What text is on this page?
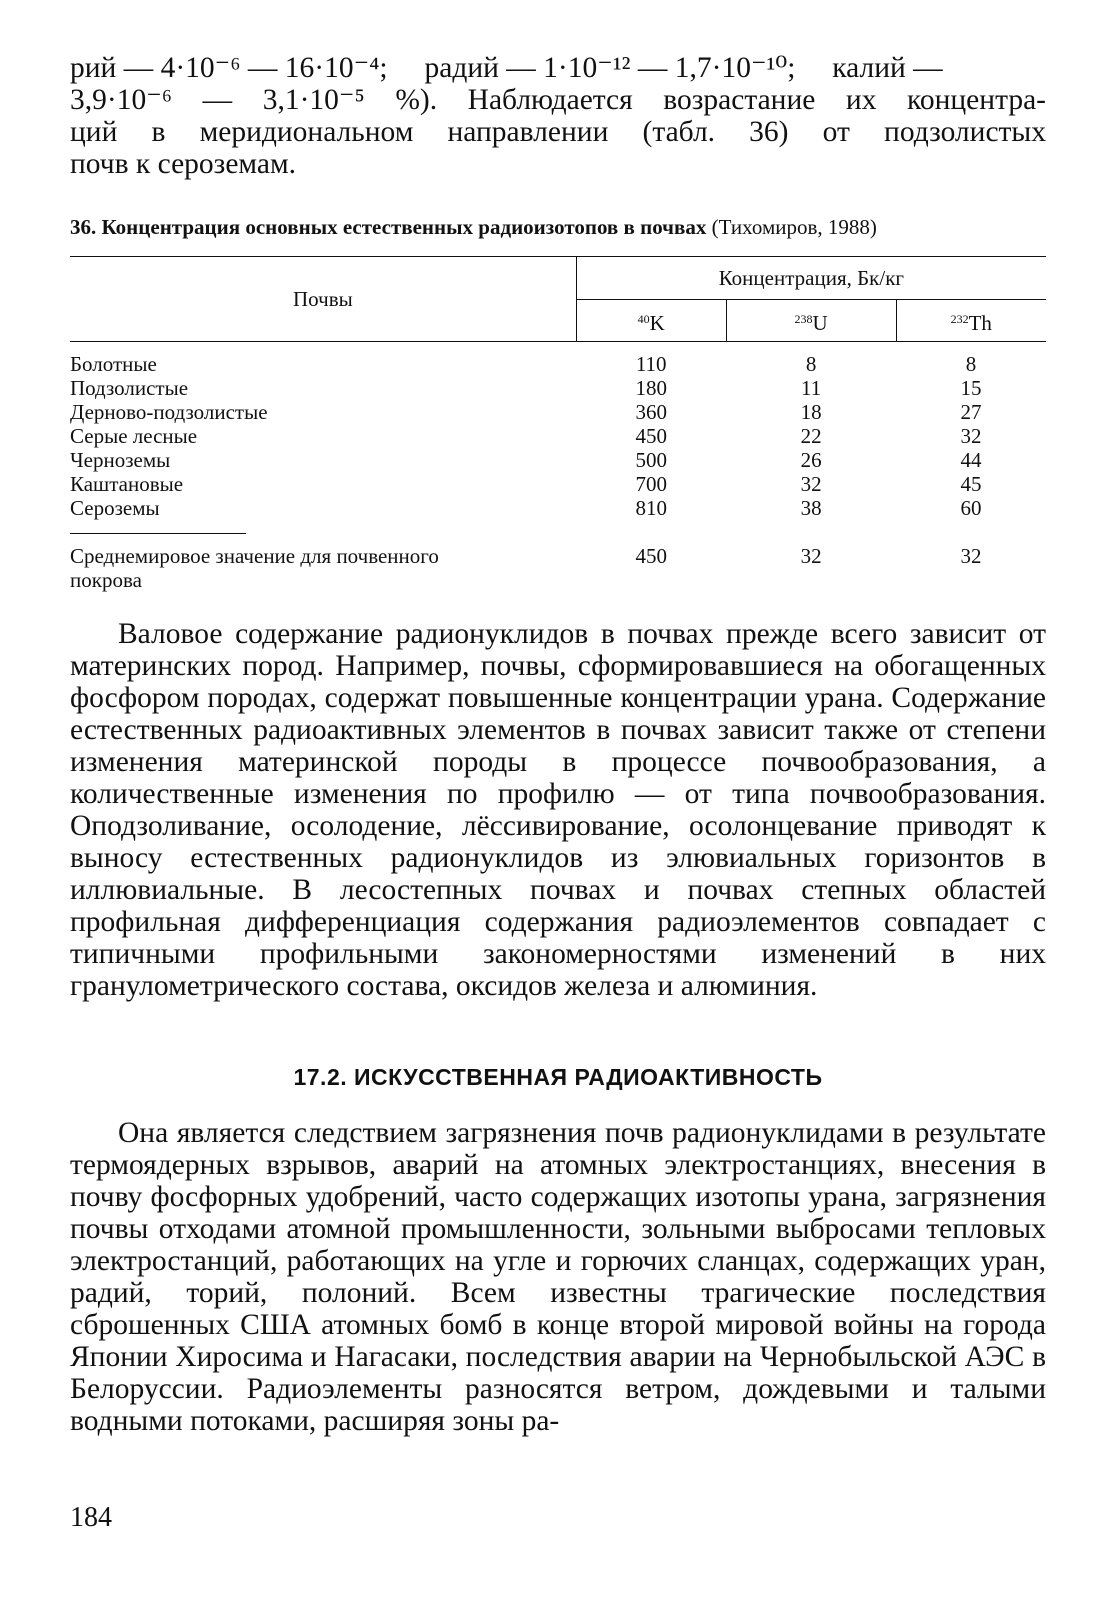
рий — 4·10⁻⁶ — 16·10⁻⁴;     радий — 1·10⁻¹² — 1,7·10⁻¹⁰;     калий —
3,9·10⁻⁶ — 3,1·10⁻⁵ %). Наблюдается возрастание их концентра-
ций в меридиональном направлении (табл. 36) от подзолистых
почв к сероземам.
36. Концентрация основных естественных радиоизотопов в почвах (Тихомиров, 1988)
Почвы	Концентрация, Бк/кг		
	$^{40}$K	$^{238}$U	$^{232}$Th
Болотные	110	8	8
Подзолистые	180	11	15
Дерново-подзолистые	360	18	27
Серые лесные	450	22	32
Черноземы	500	26	44
Каштановые	700	32	45
Сероземы	810	38	60

Среднемировое значение для почвенного
покрова	450	32	32

Валовое содержание радионуклидов в почвах прежде всего зависит от материнских пород. Например, почвы, сформировавшиеся на обогащенных фосфором породах, содержат повышенные концентрации урана. Содержание естественных радиоактивных элементов в почвах зависит также от степени изменения материнской породы в процессе почвообразования, а количественные изменения по профилю — от типа почвообразования. Оподзоливание, осолодение, лёссивирование, осолонцевание приводят к выносу естественных радионуклидов из элювиальных горизонтов в иллювиальные. В лесостепных почвах и почвах степных областей профильная дифференциация содержания радиоэлементов совпадает с типичными профильными закономерностями изменений в них гранулометрического состава, оксидов железа и алюминия.

17.2. ИСКУССТВЕННАЯ РАДИОАКТИВНОСТЬ

Она является следствием загрязнения почв радионуклидами в результате термоядерных взрывов, аварий на атомных электростанциях, внесения в почву фосфорных удобрений, часто содержащих изотопы урана, загрязнения почвы отходами атомной промышленности, зольными выбросами тепловых электростанций, работающих на угле и горючих сланцах, содержащих уран, радий, торий, полоний. Всем известны трагические последствия сброшенных США атомных бомб в конце второй мировой войны на города Японии Хиросима и Нагасаки, последствия аварии на Чернобыльской АЭС в Белоруссии. Радиоэлементы разносятся ветром, дождевыми и талыми водными потоками, расширяя зоны ра-

184
